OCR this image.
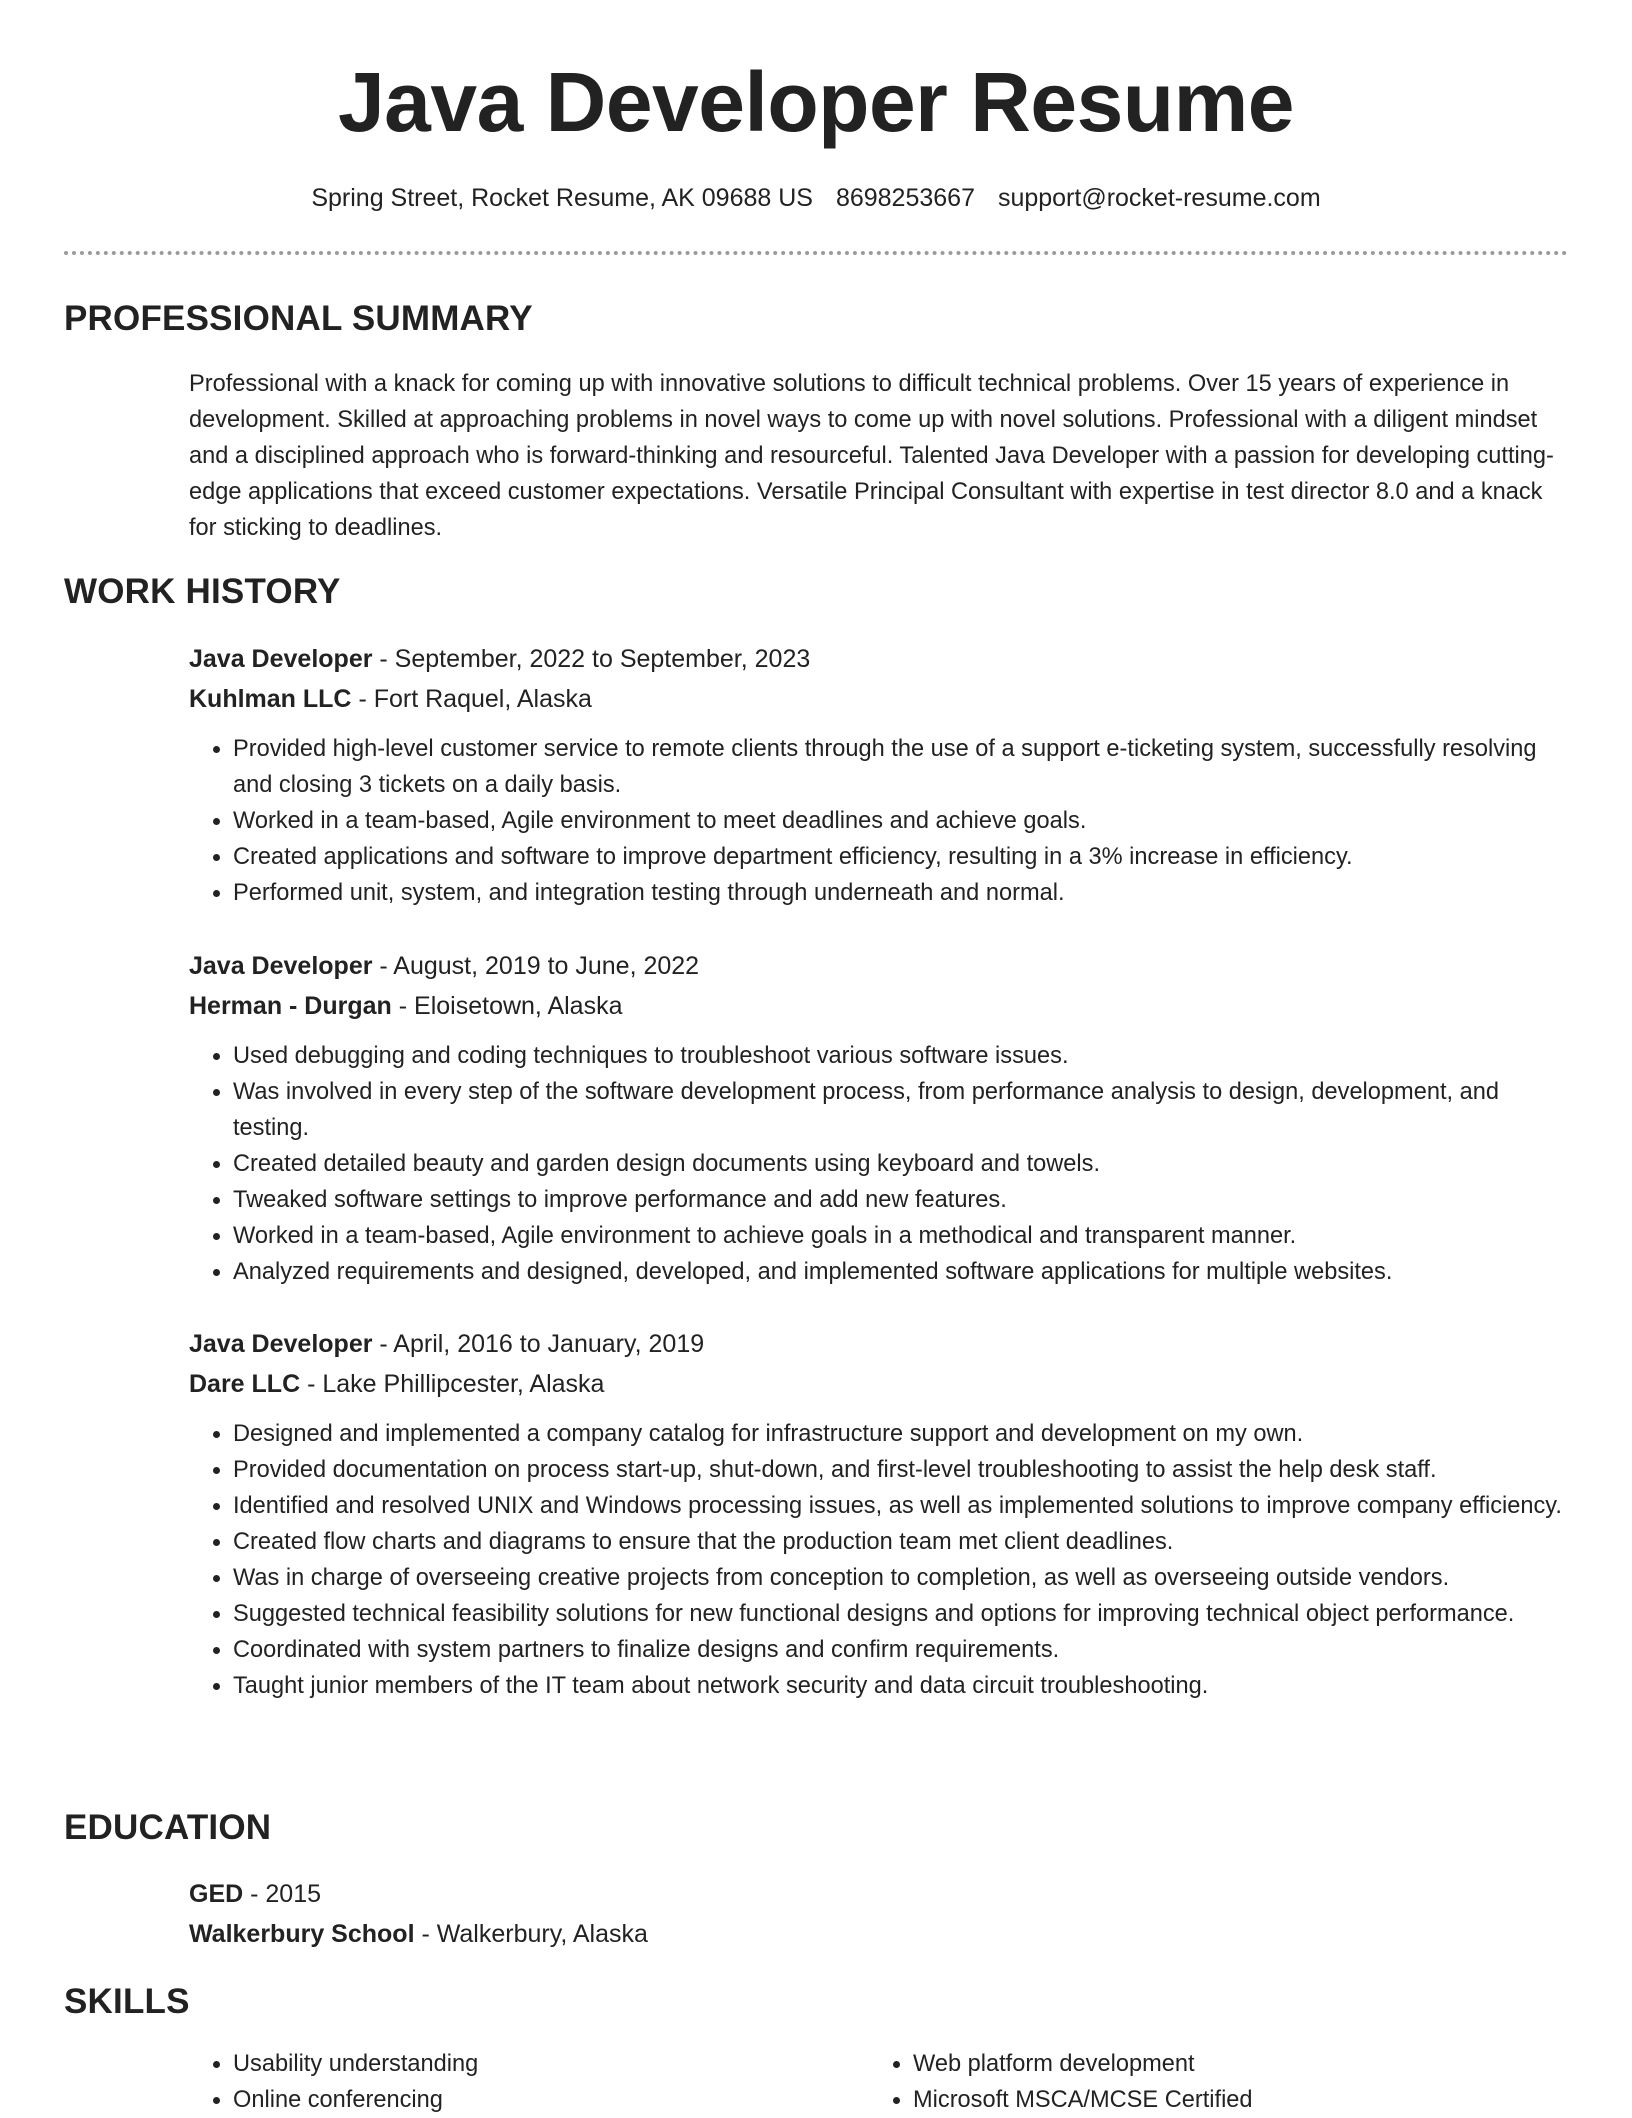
Java Developer Resume
Spring Street, Rocket Resume, AK 09688 US 8698253667 support@rocket-resume.com
PROFESSIONAL SUMMARY

Professional with a knack for coming up with innovative solutions to difficult technical problems. Over 15 years of experience in development. Skilled at approaching problems in novel ways to come up with novel solutions. Professional with a diligent mindset and a disciplined approach who is forward-thinking and resourceful. Talented Java Developer with a passion for developing cutting-edge applications that exceed customer expectations. Versatile Principal Consultant with expertise in test director 8.0 and a knack for sticking to deadlines.

WORK HISTORY
Java Developer - September, 2022 to September, 2023
Kuhlman LLC - Fort Raquel, Alaska
• Provided high-level customer service to remote clients through the use of a support e-ticketing system, successfully resolving and closing 3 tickets on a daily basis.
• Worked in a team-based, Agile environment to meet deadlines and achieve goals.
• Created applications and software to improve department efficiency, resulting in a 3% increase in efficiency.
• Performed unit, system, and integration testing through underneath and normal.
Java Developer - August, 2019 to June, 2022
Herman - Durgan - Eloisetown, Alaska
• Used debugging and coding techniques to troubleshoot various software issues.
• Was involved in every step of the software development process, from performance analysis to design, development, and testing.
• Created detailed beauty and garden design documents using keyboard and towels.
• Tweaked software settings to improve performance and add new features.
• Worked in a team-based, Agile environment to achieve goals in a methodical and transparent manner.
• Analyzed requirements and designed, developed, and implemented software applications for multiple websites.
Java Developer - April, 2016 to January, 2019
Dare LLC - Lake Phillipcester, Alaska
• Designed and implemented a company catalog for infrastructure support and development on my own.
• Provided documentation on process start-up, shut-down, and first-level troubleshooting to assist the help desk staff.
• Identified and resolved UNIX and Windows processing issues, as well as implemented solutions to improve company efficiency.
• Created flow charts and diagrams to ensure that the production team met client deadlines.
• Was in charge of overseeing creative projects from conception to completion, as well as overseeing outside vendors.
• Suggested technical feasibility solutions for new functional designs and options for improving technical object performance.
• Coordinated with system partners to finalize designs and confirm requirements.
• Taught junior members of the IT team about network security and data circuit troubleshooting.
EDUCATION
GED - 2015
Walkerbury School - Walkerbury, Alaska
SKILLS
• Usability understanding
• Online conferencing
• Web platform development
• Microsoft MSCA/MCSE Certified
